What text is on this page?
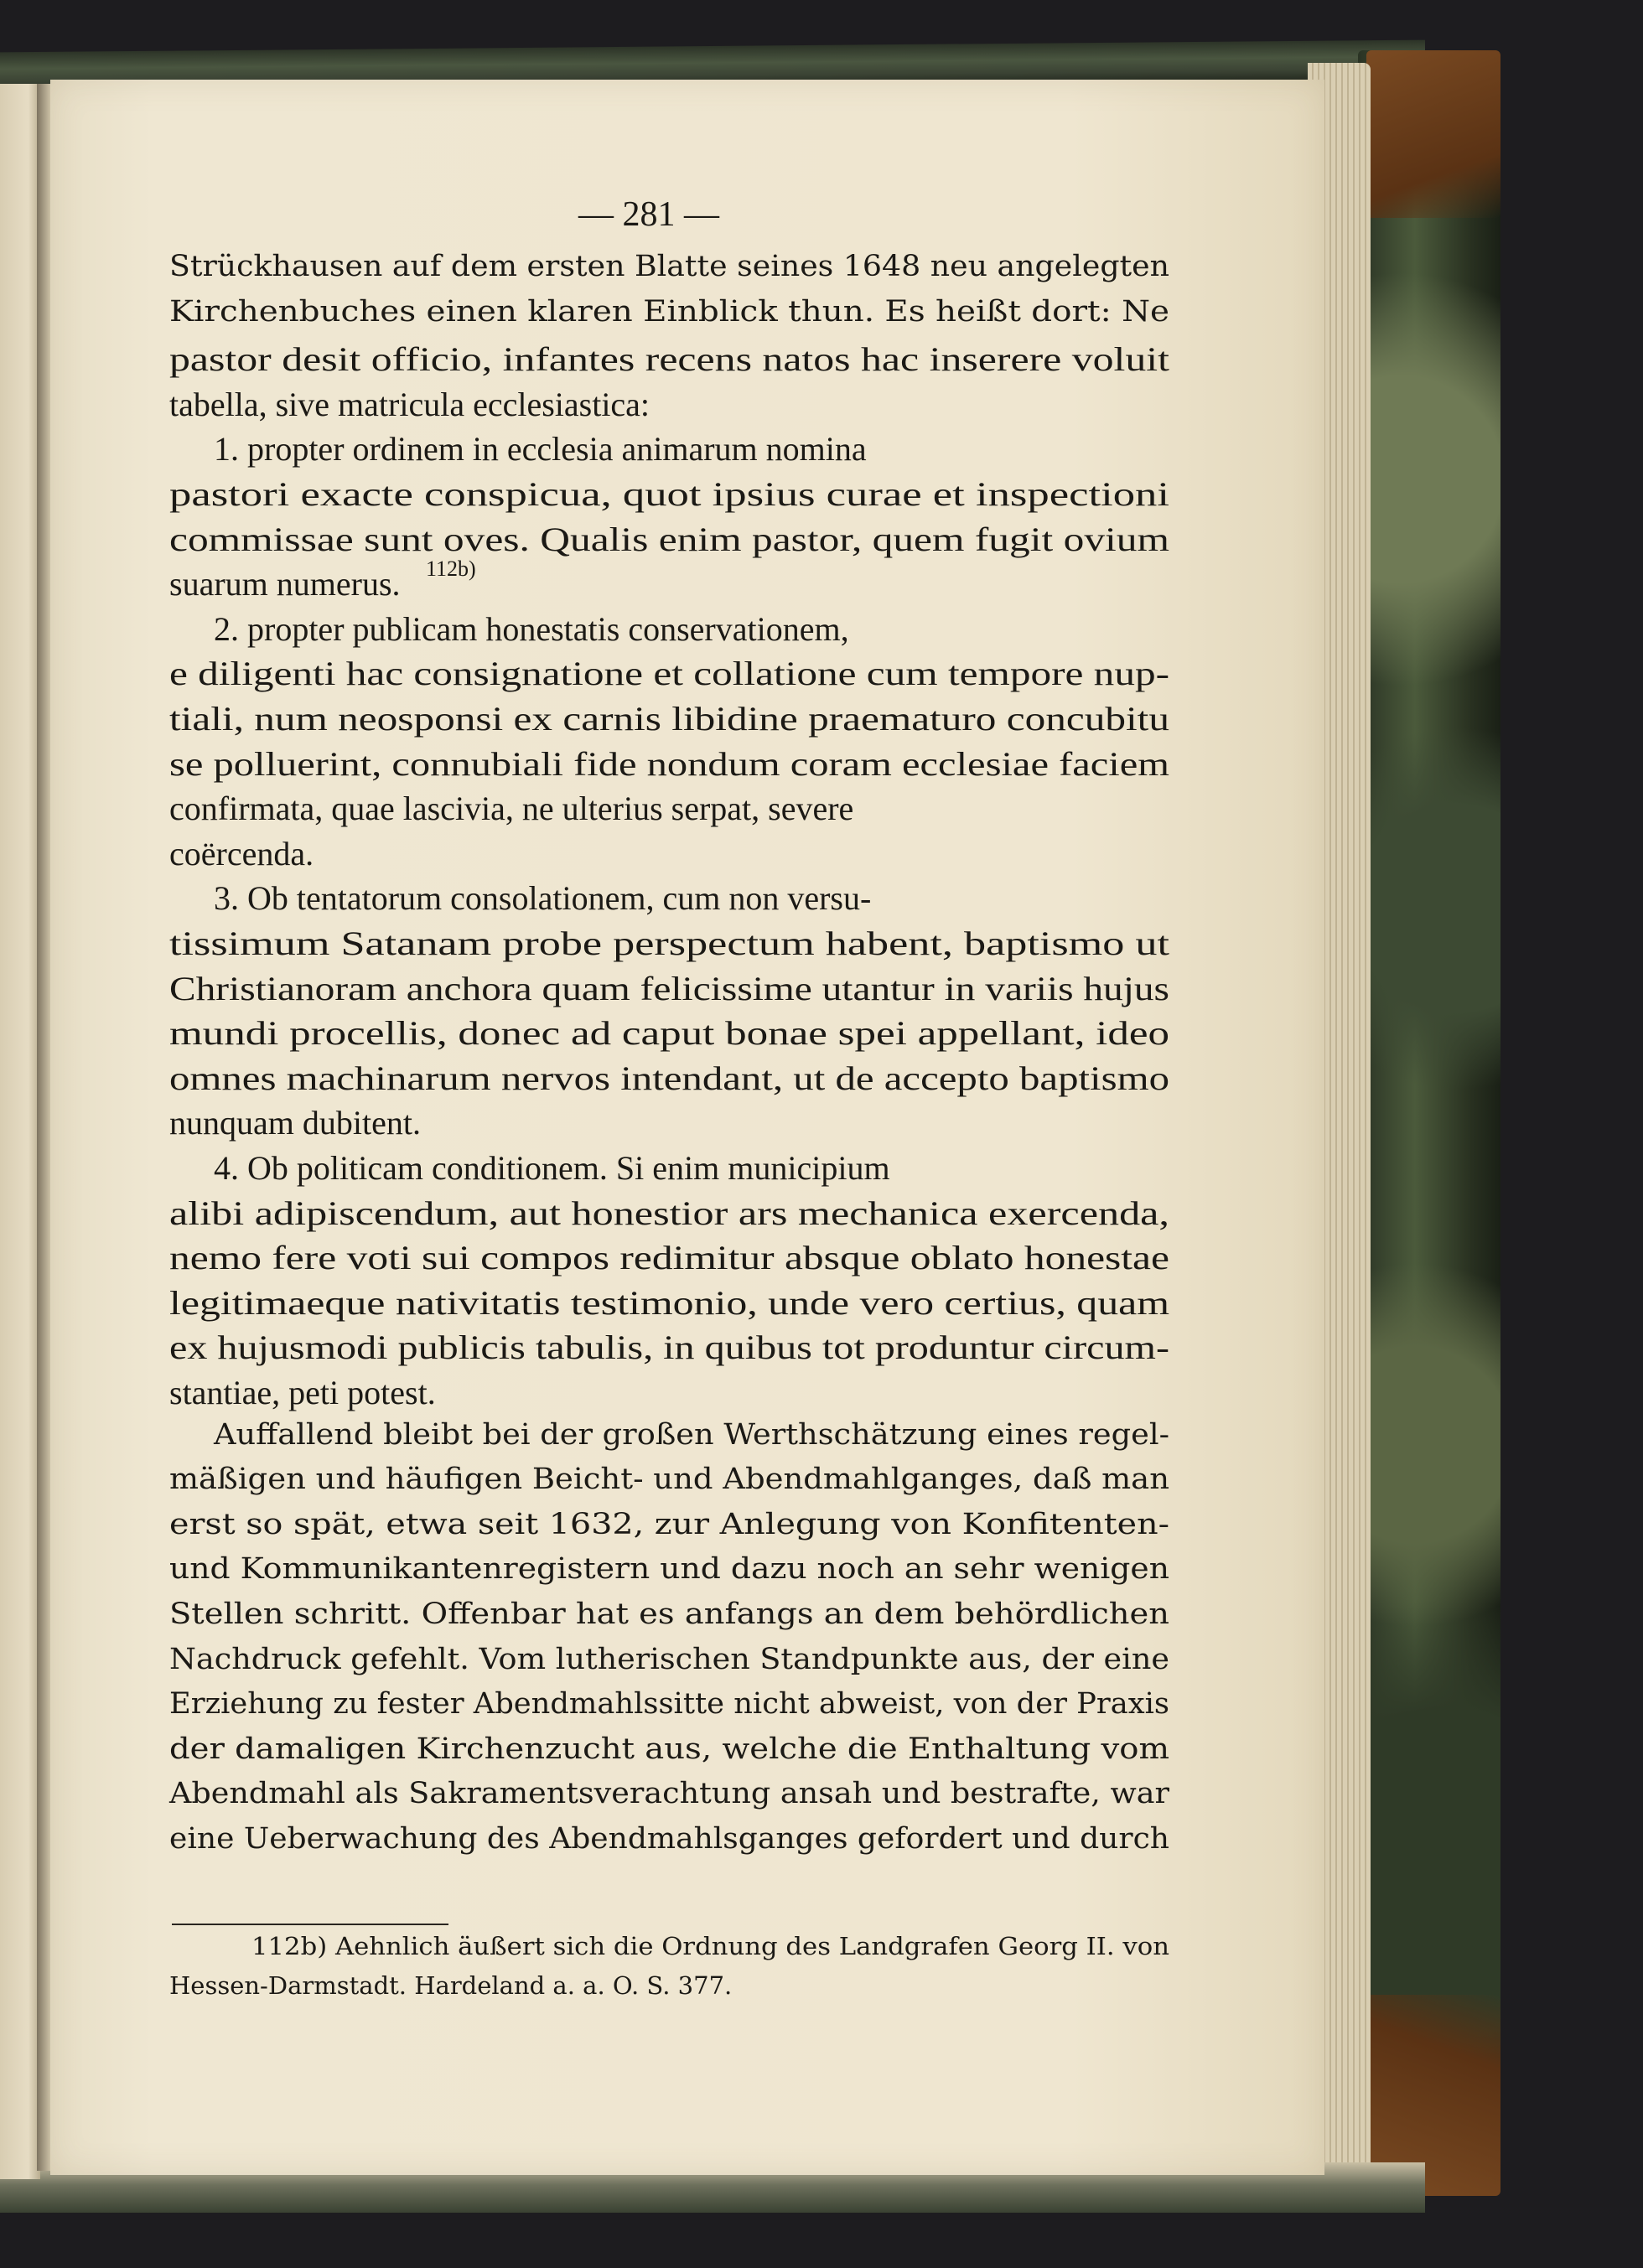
— 281 —
Strückhausen auf dem ersten Blatte seines 1648 neu angelegten
Kirchenbuches einen klaren Einblick thun. Es heißt dort: Ne
pastor desit officio, infantes recens natos hac inserere voluit
tabella, sive matricula ecclesiastica:
1. propter ordinem in ecclesia animarum nomina
pastori exacte conspicua, quot ipsius curae et inspectioni
commissae sunt oves. Qualis enim pastor, quem fugit ovium
suarum numerus.
2. propter publicam honestatis conservationem,
e diligenti hac consignatione et collatione cum tempore nup-
tiali, num neosponsi ex carnis libidine praematuro concubitu
se polluerint, connubiali fide nondum coram ecclesiae faciem
confirmata, quae lascivia, ne ulterius serpat, severe
coërcenda.
3. Ob tentatorum consolationem, cum non versu-
tissimum Satanam probe perspectum habent, baptismo ut
Christianoram anchora quam felicissime utantur in variis hujus
mundi procellis, donec ad caput bonae spei appellant, ideo
omnes machinarum nervos intendant, ut de accepto baptismo
nunquam dubitent.
4. Ob politicam conditionem. Si enim municipium
alibi adipiscendum, aut honestior ars mechanica exercenda,
nemo fere voti sui compos redimitur absque oblato honestae
legitimaeque nativitatis testimonio, unde vero certius, quam
ex hujusmodi publicis tabulis, in quibus tot produntur circum-
stantiae, peti potest.
Auffallend bleibt bei der großen Werthschätzung eines regel-
mäßigen und häufigen Beicht- und Abendmahlganges, daß man
erst so spät, etwa seit 1632, zur Anlegung von Konfitenten-
und Kommunikantenregistern und dazu noch an sehr wenigen
Stellen schritt. Offenbar hat es anfangs an dem behördlichen
Nachdruck gefehlt. Vom lutherischen Standpunkte aus, der eine
Erziehung zu fester Abendmahlssitte nicht abweist, von der Praxis
der damaligen Kirchenzucht aus, welche die Enthaltung vom
Abendmahl als Sakramentsverachtung ansah und bestrafte, war
eine Ueberwachung des Abendmahlsganges gefordert und durch
112b)
112b) Aehnlich äußert sich die Ordnung des Landgrafen Georg II. von
Hessen-Darmstadt. Hardeland a. a. O. S. 377.
